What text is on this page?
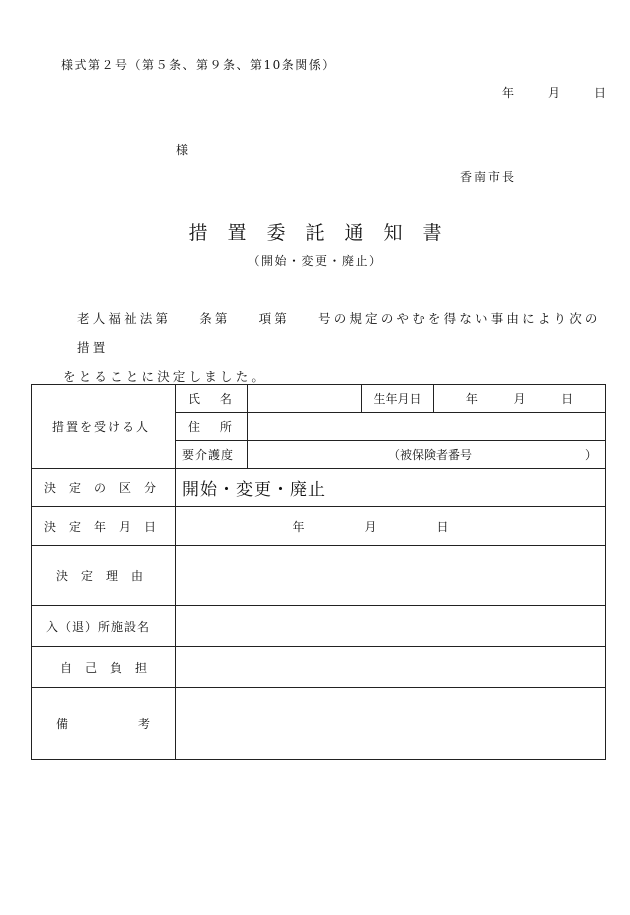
様式第２号（第５条、第９条、第10条関係）
年	月	日
様
香南市長
措置委託通知書
（開始・変更・廃止）
老人福祉法第 条第 項第 号の規定のやむを得ない事由により次の措置
をとることに決定しました。
措置を受ける人	氏 名		生年月日	年 月 日

	住 所			
	要介護度	（被保険者番号 ）		

決定の区分	開始・変更・廃止			
決定年月日	年 月 日			

決定理由				
入（退）所施設名				
自己負担				

備 考				
